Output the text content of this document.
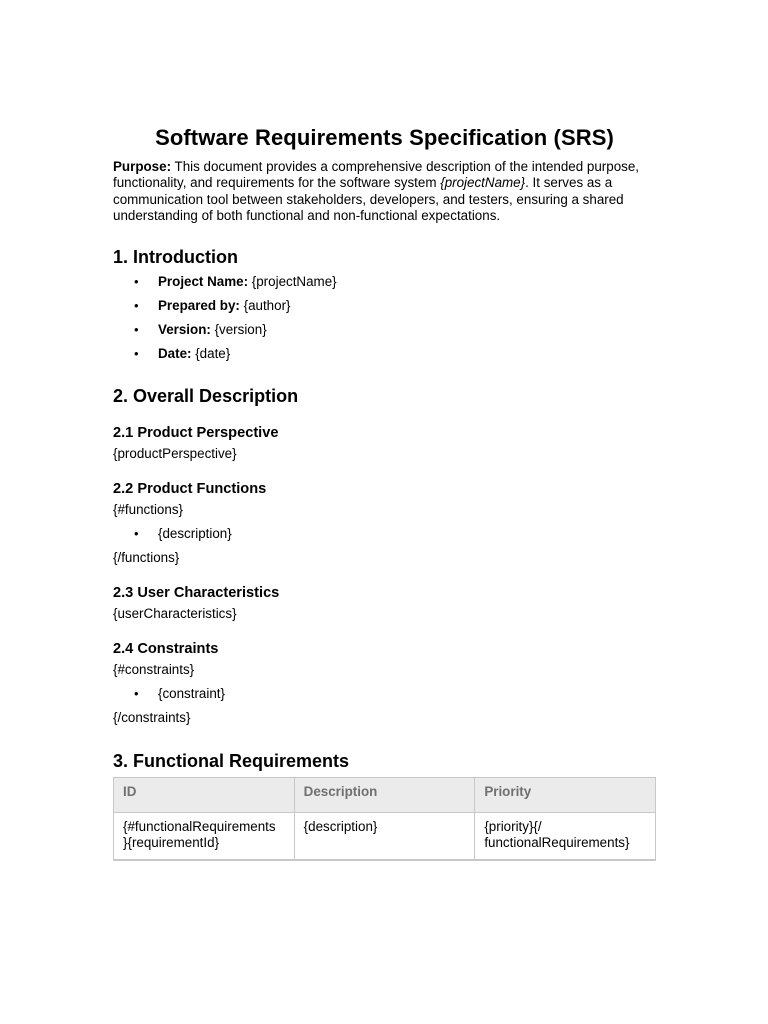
Software Requirements Specification (SRS)

Purpose: This document provides a comprehensive description of the intended purpose, functionality, and requirements for the software system {projectName}. It serves as a communication tool between stakeholders, developers, and testers, ensuring a shared understanding of both functional and non-functional expectations.

1. Introduction
• Project Name: {projectName}
• Prepared by: {author}
• Version: {version}
• Date: {date}
2. Overall Description
2.1 Product Perspective

{productPerspective}

2.2 Product Functions

{#functions}

• {description}

{/functions}

2.3 User Characteristics

{userCharacteristics}

2.4 Constraints

{#constraints}

• {constraint}

{/constraints}

3. Functional Requirements
ID	Description	Priority
{#functionalRequirements
}{requirementId}	{description}	{priority}{/
functionalRequirements}
